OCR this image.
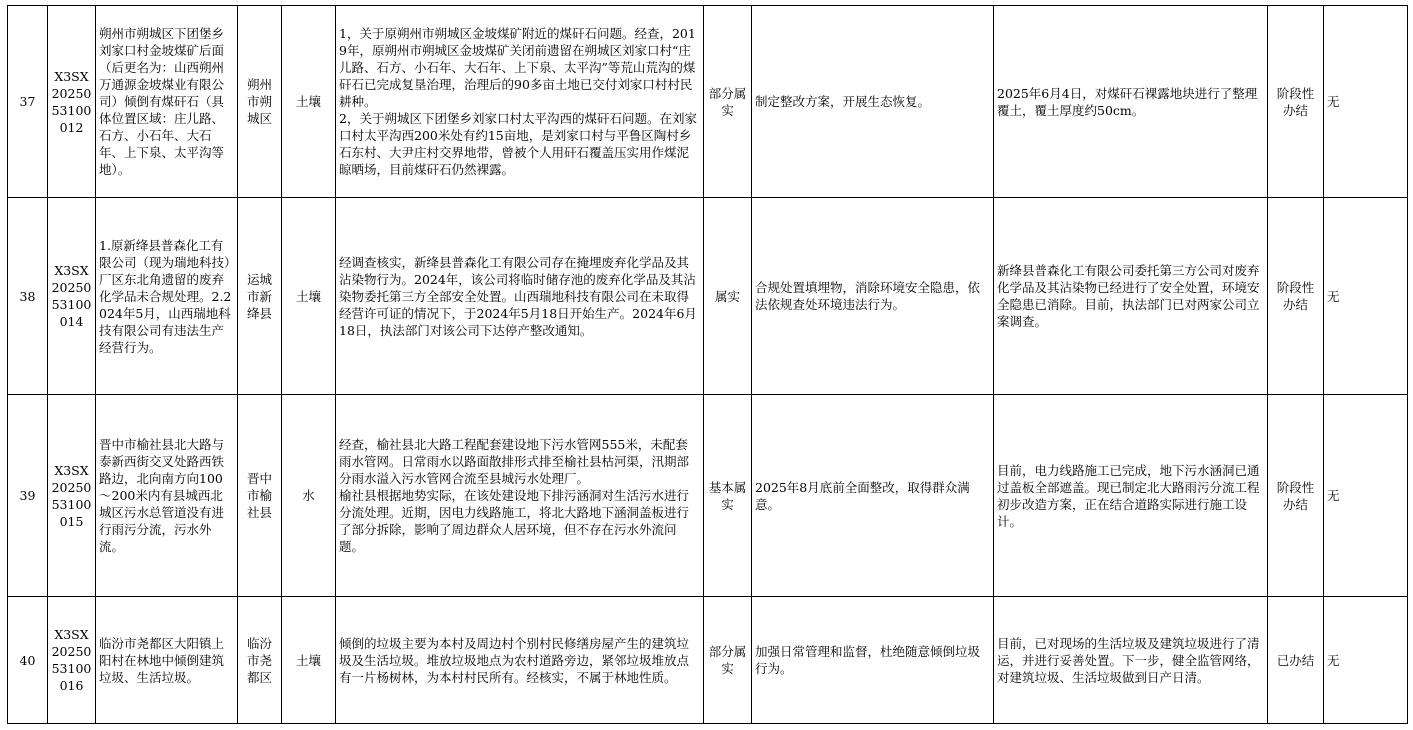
37	X3SX2025053100012	朔州市朔城区下团堡乡刘家口村金坡煤矿后面（后更名为：山西朔州万通源金坡煤业有限公司）倾倒有煤矸石（具体位置区域：庄儿路、石方、小石年、大石年、上下泉、太平沟等地）。	朔州市朔城区	土壤	1，关于原朔州市朔城区金坡煤矿附近的煤矸石问题。经查，2019年，原朔州市朔城区金坡煤矿关闭前遗留在朔城区刘家口村“庄儿路、石方、小石年、大石年、上下泉、太平沟”等荒山荒沟的煤矸石已完成复垦治理，治理后的90多亩土地已交付刘家口村村民耕种。
2，关于朔城区下团堡乡刘家口村太平沟西的煤矸石问题。在刘家口村太平沟西200米处有约15亩地，是刘家口村与平鲁区陶村乡石东村、大尹庄村交界地带，曾被个人用矸石覆盖压实用作煤泥晾晒场，目前煤矸石仍然裸露。	部分属实	制定整改方案，开展生态恢复。	2025年6月4日，对煤矸石裸露地块进行了整理覆土，覆土厚度约50cm。	阶段性办结	无
38	X3SX2025053100014	1.原新绛县普森化工有限公司（现为瑞地科技）厂区东北角遗留的废弃化学品未合规处理。2.2024年5月，山西瑞地科技有限公司有违法生产经营行为。	运城市新绛县	土壤	经调查核实，新绛县普森化工有限公司存在掩埋废弃化学品及其沾染物行为。2024年，该公司将临时储存池的废弃化学品及其沾染物委托第三方全部安全处置。山西瑞地科技有限公司在未取得经营许可证的情况下，于2024年5月18日开始生产。2024年6月18日，执法部门对该公司下达停产整改通知。	属实	合规处置填埋物，消除环境安全隐患，依法依规查处环境违法行为。	新绛县普森化工有限公司委托第三方公司对废弃化学品及其沾染物已经进行了安全处置，环境安全隐患已消除。目前，执法部门已对两家公司立案调查。	阶段性办结	无
39	X3SX2025053100015	晋中市榆社县北大路与泰新西街交叉处路西铁路边，北向南方向100～200米内有县城西北城区污水总管道没有进行雨污分流，污水外流。	晋中市榆社县	水	经查，榆社县北大路工程配套建设地下污水管网555米，未配套雨水管网。日常雨水以路面散排形式排至榆社县枯河渠，汛期部分雨水溢入污水管网合流至县城污水处理厂。
榆社县根据地势实际，在该处建设地下排污涵洞对生活污水进行分流处理。近期，因电力线路施工，将北大路地下涵洞盖板进行了部分拆除，影响了周边群众人居环境，但不存在污水外流问题。	基本属实	2025年8月底前全面整改，取得群众满意。	目前，电力线路施工已完成，地下污水涵洞已通过盖板全部遮盖。现已制定北大路雨污分流工程初步改造方案，正在结合道路实际进行施工设计。	阶段性办结	无
40	X3SX2025053100016	临汾市尧都区大阳镇上阳村在林地中倾倒建筑垃圾、生活垃圾。	临汾市尧都区	土壤	倾倒的垃圾主要为本村及周边村个别村民修缮房屋产生的建筑垃圾及生活垃圾。堆放垃圾地点为农村道路旁边，紧邻垃圾堆放点有一片杨树林，为本村村民所有。经核实，不属于林地性质。	部分属实	加强日常管理和监督，杜绝随意倾倒垃圾行为。	目前，已对现场的生活垃圾及建筑垃圾进行了清运，并进行妥善处置。下一步，健全监管网络，对建筑垃圾、生活垃圾做到日产日清。	已办结	无
